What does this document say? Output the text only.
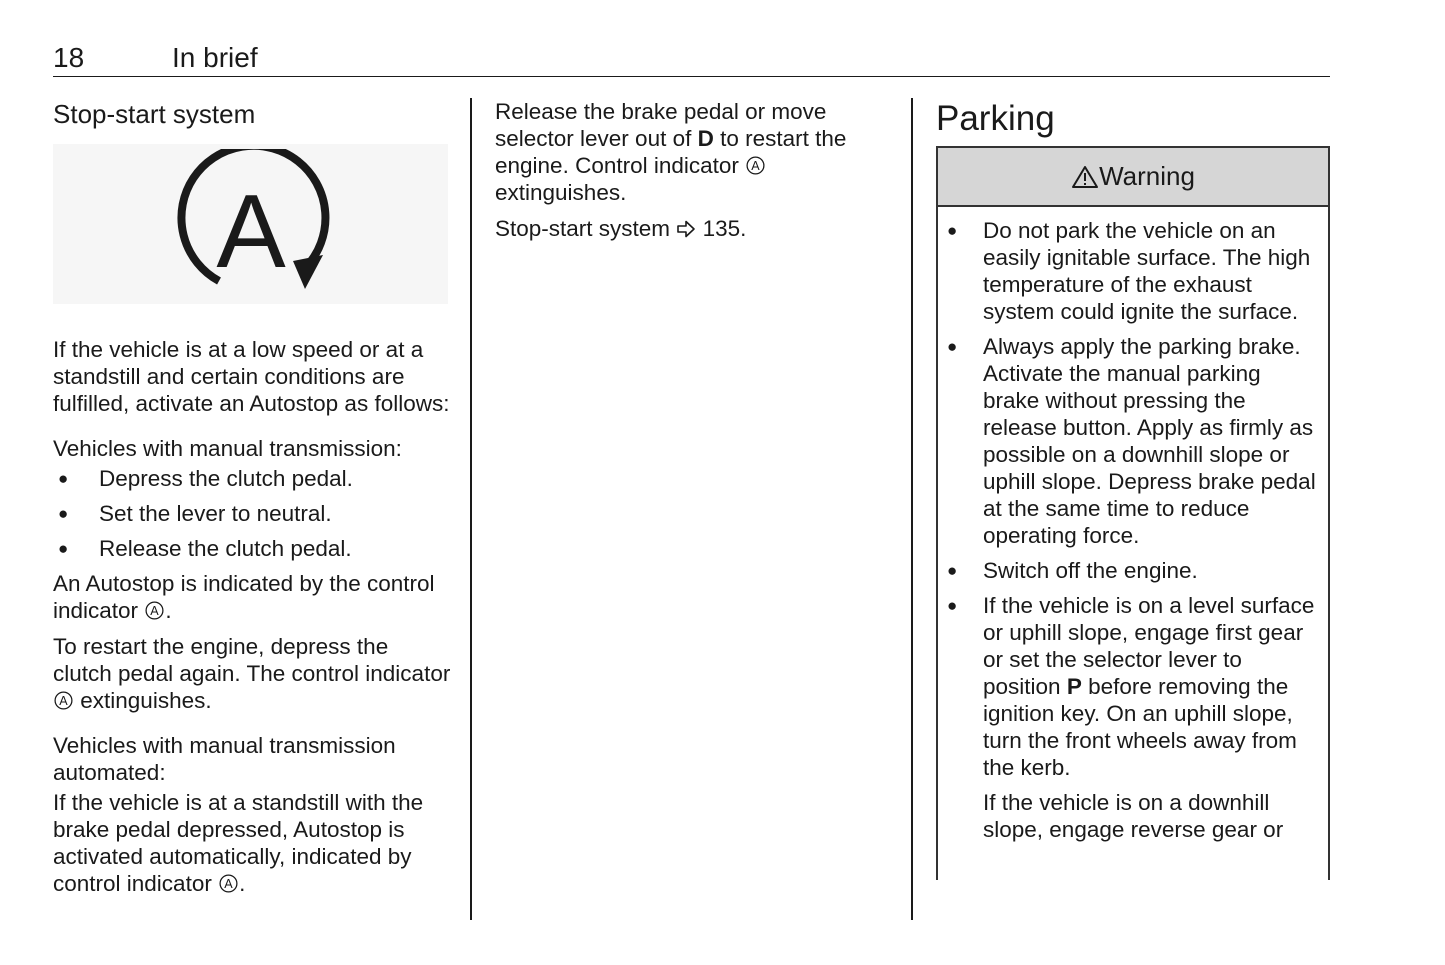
18	In brief
Stop-start system
A

If the vehicle is at a low speed or at a standstill and certain conditions are fulfilled, activate an Autostop as follows:

Vehicles with manual transmission:
● Depress the clutch pedal.
● Set the lever to neutral.
● Release the clutch pedal.

An Autostop is indicated by the control indicator A .

To restart the engine, depress the clutch pedal again. The control indicator
A extinguishes.

Vehicles with manual transmission automated:

If the vehicle is at a standstill with the brake pedal depressed, Autostop is activated automatically, indicated by control indicator A .

Release the brake pedal or move selector lever out of D to restart the engine. Control indicator A
extinguishes.

Stop-start system 135.

Parking
Warning
● Do not park the vehicle on an easily ignitable surface. The high temperature of the exhaust system could ignite the surface.
● Always apply the parking brake. Activate the manual parking brake without pressing the release button. Apply as firmly as possible on a downhill slope or uphill slope. Depress brake pedal at the same time to reduce operating force.
● Switch off the engine.
● If the vehicle is on a level surface or uphill slope, engage first gear or set the selector lever to position P before removing the ignition key. On an uphill slope, turn the front wheels away from the kerb.

If the vehicle is on a downhill slope, engage reverse gear or
